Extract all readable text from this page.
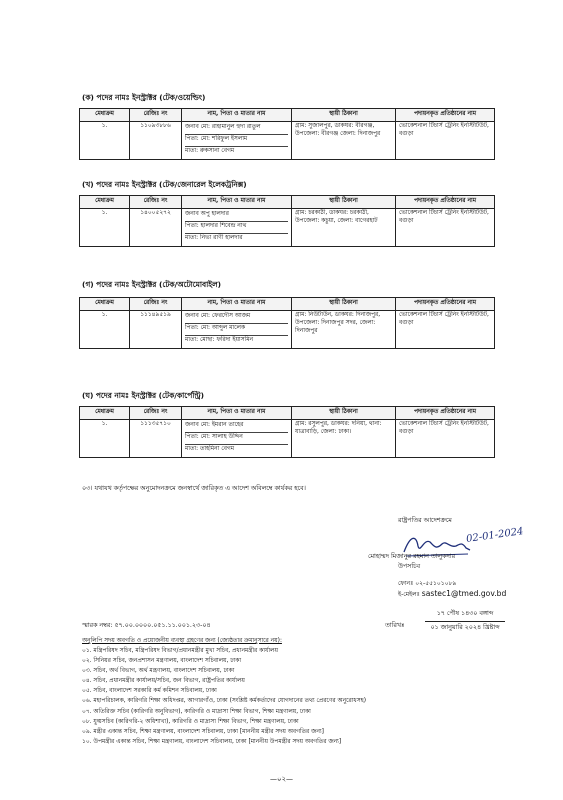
(ক) পদের নামঃ ইনস্ট্রাক্টর (টেক/ওয়েল্ডিং)
মেধাক্রম	রেজিঃ নং	নাম, পিতা ও মাতার নাম	স্থায়ী ঠিকানা	পদায়নকৃত প্রতিষ্ঠানের নাম
১.	১১০৯৩৮৮৬	জনাব মো: রাহামানুল হুদা রাতুল
পিতা: মো: শরিফুল ইসলাম
মাতা: রুকসানা বেগম	গ্রাম: সুজালপুর, ডাকঘর: বীরগঞ্জ, উপজেলা: বীরগঞ্জ জেলা: দিনাজপুর	ভোকেশনাল টিচার্স ট্রেনিং ইনস্টিটিউট, বগুড়া
(খ) পদের নামঃ ইনস্ট্রাক্টর (টেক/জেনারেল ইলেকট্রনিক্স)
মেধাক্রম	রেজিঃ নং	নাম, পিতা ও মাতার নাম	স্থায়ী ঠিকানা	পদায়নকৃত প্রতিষ্ঠানের নাম
১.	১৪০০৫২৭২	জনাব অপু হালদার
পিতা: হালদার শিবেন্দ্র নাথ
মাতা: নিভা রাণী হালদার	গ্রাম: চরকাঠী, ডাকঘর: চরকাঠী, উপজেলা: কচুয়া, জেলা: বাগেরহাট	ভোকেশনাল টিচার্স ট্রেনিং ইনস্টিটিউট, বগুড়া
(গ) পদের নামঃ ইনস্ট্রাক্টর (টেক/অটোমোবাইল)
মেধাক্রম	রেজিঃ নং	নাম, পিতা ও মাতার নাম	স্থায়ী ঠিকানা	পদায়নকৃত প্রতিষ্ঠানের নাম
১.	১১১৪৯৫১৯	জনাব মো: ফেরদৌস আজম
পিতা: মো: আব্দুল মালেক
মাতা: মোছা: ফরিদা ইয়াসমিন	গ্রাম: নিউটাউন, ডাকঘর: দিনাজপুর, উপজেলা: দিনাজপুর সদর, জেলা: দিনাজপুর	ভোকেশনাল টিচার্স ট্রেনিং ইনস্টিটিউট, বগুড়া
(ঘ) পদের নামঃ ইনস্ট্রাক্টর (টেক/কার্পেন্ট্রি)
মেধাক্রম	রেজিঃ নং	নাম, পিতা ও মাতার নাম	স্থায়ী ঠিকানা	পদায়নকৃত প্রতিষ্ঠানের নাম
১.	১১১৩৫৭১০	জনাব মো: ইমরান তাহের
পিতা: মো: সালাহ উদ্দিন
মাতা: তাহমিনা বেগম	গ্রাম: রসুলপুর, ডাকঘর: দনিয়া, থানা: যাত্রাবাড়ি, জেলা: ঢাকা।	ভোকেশনাল টিচার্স ট্রেনিং ইনস্টিটিউট, বগুড়া
০৩। যথাযথ কর্তৃপক্ষের অনুমোদনক্রমে জনস্বার্থে জারিকৃত এ আদেশ অবিলম্বে কার্যকর হবে।
রাষ্ট্রপতির আদেশক্রমে
02-01-2024
মোহাম্মদ মিজানুর রহমান তালুকদার
উপসচিব
ফোনঃ ০২-৫৫১০১০৮৯
ই-মেইলঃ sastec1@tmed.gov.bd
স্মারক নম্বর: ৫৭.০০.০০০০.০৫১.১১.০০১.২৩-০৪	তারিখঃ
১৭ পৌষ ১৪৩০ বঙ্গাব্দ
০১ জানুয়ারি ২০২৪ খ্রিষ্টাব্দ
অনুলিপি সদয় অবগতি ও প্রয়োজনীয় ব্যবস্থা গ্রহণের জন্য (জ্যেষ্ঠতার ক্রমানুসারে নয়):
০১. মন্ত্রিপরিষদ সচিব, মন্ত্রিপরিষদ বিভাগ/প্রধানমন্ত্রীর মুখ্য সচিব, প্রধানমন্ত্রীর কার্যালয়
০২. সিনিয়র সচিব, জনপ্রশাসন মন্ত্রণালয়, বাংলাদেশ সচিবালয়, ঢাকা
০৩. সচিব, অর্থ বিভাগ, অর্থ মন্ত্রণালয়, বাংলাদেশ সচিবালয়, ঢাকা
০৪. সচিব, প্রধানমন্ত্রীর কার্যালয়/সচিব, জন বিভাগ, রাষ্ট্রপতির কার্যালয়
০৫. সচিব, বাংলাদেশ সরকারি কর্ম কমিশন সচিবালয়, ঢাকা
০৬. মহাপরিচালক, কারিগরি শিক্ষা অধিদপ্তর, আগারগাঁও, ঢাকা (সংশ্লিষ্ট কর্মকর্তাদের যোগদানের তথ্য প্রেরণের অনুরোধসহ)
০৭. অতিরিক্ত সচিব (কারিগরি অনুবিভাগ), কারিগরি ও মাদ্রাসা শিক্ষা বিভাগ, শিক্ষা মন্ত্রণালয়, ঢাকা
০৮. যুগ্মসচিব (কারিগরি-২ অধিশাখা), কারিগরি ও মাদ্রাসা শিক্ষা বিভাগ, শিক্ষা মন্ত্রণালয়, ঢাকা
০৯. মন্ত্রীর একান্ত সচিব, শিক্ষা মন্ত্রণালয়, বাংলাদেশ সচিবালয়, ঢাকা [মাননীয় মন্ত্রীর সদয় অবগতির জন্য]
১০. উপমন্ত্রীর একান্ত সচিব, শিক্ষা মন্ত্রণালয়, বাংলাদেশ সচিবালয়, ঢাকা [মাননীয় উপমন্ত্রীর সদয় অবগতির জন্য]
—০২—
